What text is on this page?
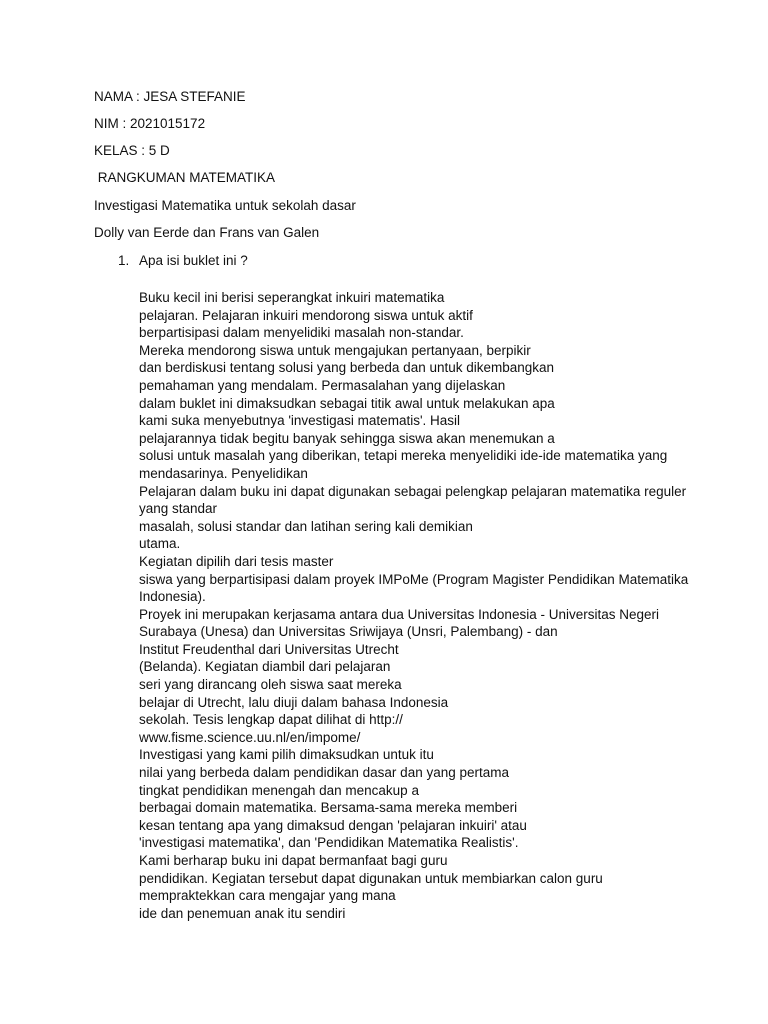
NAMA : JESA STEFANIE
NIM : 2021015172
KELAS : 5 D
RANGKUMAN MATEMATIKA
Investigasi Matematika untuk sekolah dasar
Dolly van Eerde dan Frans van Galen
1. Apa isi buklet ini ?
Buku kecil ini berisi seperangkat inkuiri matematika
pelajaran. Pelajaran inkuiri mendorong siswa untuk aktif
berpartisipasi dalam menyelidiki masalah non-standar.
Mereka mendorong siswa untuk mengajukan pertanyaan, berpikir
dan berdiskusi tentang solusi yang berbeda dan untuk dikembangkan
pemahaman yang mendalam. Permasalahan yang dijelaskan
dalam buklet ini dimaksudkan sebagai titik awal untuk melakukan apa
kami suka menyebutnya 'investigasi matematis'. Hasil
pelajarannya tidak begitu banyak sehingga siswa akan menemukan a
solusi untuk masalah yang diberikan, tetapi mereka menyelidiki ide-ide matematika yang
mendasarinya. Penyelidikan
Pelajaran dalam buku ini dapat digunakan sebagai pelengkap pelajaran matematika reguler
yang standar
masalah, solusi standar dan latihan sering kali demikian
utama.
Kegiatan dipilih dari tesis master
siswa yang berpartisipasi dalam proyek IMPoMe (Program Magister Pendidikan Matematika
Indonesia).
Proyek ini merupakan kerjasama antara dua Universitas Indonesia - Universitas Negeri
Surabaya (Unesa) dan Universitas Sriwijaya (Unsri, Palembang) - dan
Institut Freudenthal dari Universitas Utrecht
(Belanda). Kegiatan diambil dari pelajaran
seri yang dirancang oleh siswa saat mereka
belajar di Utrecht, lalu diuji dalam bahasa Indonesia
sekolah. Tesis lengkap dapat dilihat di http://
www.fisme.science.uu.nl/en/impome/
Investigasi yang kami pilih dimaksudkan untuk itu
nilai yang berbeda dalam pendidikan dasar dan yang pertama
tingkat pendidikan menengah dan mencakup a
berbagai domain matematika. Bersama-sama mereka memberi
kesan tentang apa yang dimaksud dengan 'pelajaran inkuiri' atau
'investigasi matematika', dan 'Pendidikan Matematika Realistis'.
Kami berharap buku ini dapat bermanfaat bagi guru
pendidikan. Kegiatan tersebut dapat digunakan untuk membiarkan calon guru
mempraktekkan cara mengajar yang mana
ide dan penemuan anak itu sendiri
